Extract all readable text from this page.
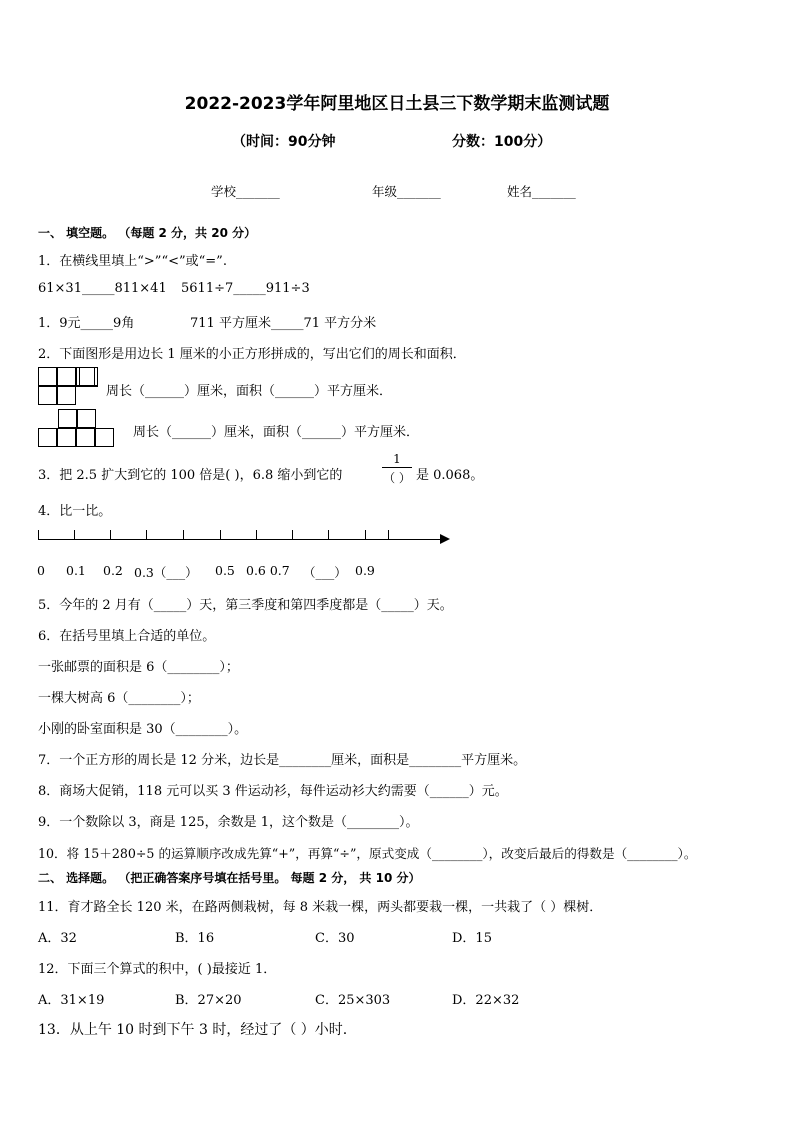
2022-2023学年阿里地区日土县三下数学期末监测试题
（时间：90分钟	分数：100分）
学校_______	年级_______	姓名_______
一、 填空题。 （每题 2 分，共 20 分）
1．在横线里填上“>”“<”或“=”.
61×31_____811×41 5611÷7_____911÷3
1．9元_____9角	711 平方厘米_____71 平方分米
2．下面图形是用边长 1 厘米的小正方形拼成的，写出它们的周长和面积．
周长（______）厘米，面积（______）平方厘米．
周长（______）厘米，面积（______）平方厘米．
3．把 2.5 扩大到它的 100 倍是( )，6.8 缩小到它的
1
（ ） 是 0.068。
4．比一比。
0 0.1 0.2 0.3（___） 0.5 0.6 0.7 （___） 0.9
5．今年的 2 月有（_____）天，第三季度和第四季度都是（_____）天。
6．在括号里填上合适的单位。
一张邮票的面积是 6（________）；
一棵大树高 6（________）；
小刚的卧室面积是 30（________）。
7．一个正方形的周长是 12 分米，边长是________厘米，面积是________平方厘米。
8．商场大促销，118 元可以买 3 件运动衫，每件运动衫大约需要（______）元。
9．一个数除以 3，商是 125，余数是 1，这个数是（________）。
10．将 15＋280÷5 的运算顺序改成先算“+”，再算“÷”，原式变成（________），改变后最后的得数是（________）。
二、 选择题。 （把正确答案序号填在括号里。 每题 2 分， 共 10 分）
11．育才路全长 120 米，在路两侧栽树，每 8 米栽一棵，两头都要栽一棵，一共栽了（ ）棵树．
A．32	B．16	C．30	D．15
12．下面三个算式的积中，( )最接近 1．
A．31×19	B．27×20	C．25×303	D．22×32
13．从上午 10 时到下午 3 时，经过了（ ）小时.
